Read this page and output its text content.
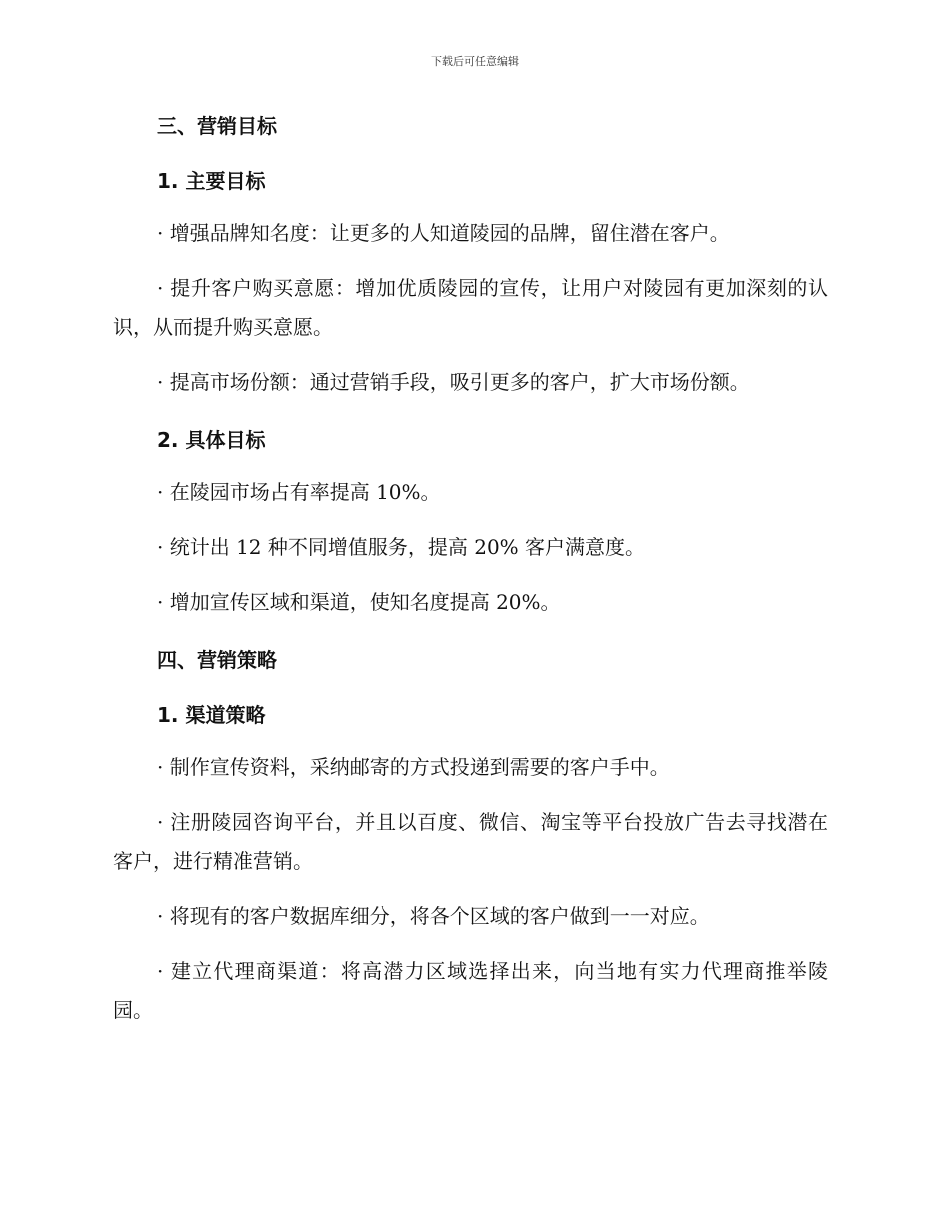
下载后可任意编辑
三、营销目标
1. 主要目标
· 增强品牌知名度：让更多的人知道陵园的品牌，留住潜在客户。
· 提升客户购买意愿：增加优质陵园的宣传，让用户对陵园有更加深刻的认识，从而提升购买意愿。
· 提高市场份额：通过营销手段，吸引更多的客户，扩大市场份额。
2. 具体目标
· 在陵园市场占有率提高 10%。
· 统计出 12 种不同增值服务，提高 20% 客户满意度。
· 增加宣传区域和渠道，使知名度提高 20%。
四、营销策略
1. 渠道策略
· 制作宣传资料，采纳邮寄的方式投递到需要的客户手中。
· 注册陵园咨询平台，并且以百度、微信、淘宝等平台投放广告去寻找潜在客户，进行精准营销。
· 将现有的客户数据库细分，将各个区域的客户做到一一对应。
· 建立代理商渠道：将高潜力区域选择出来，向当地有实力代理商推举陵园。
